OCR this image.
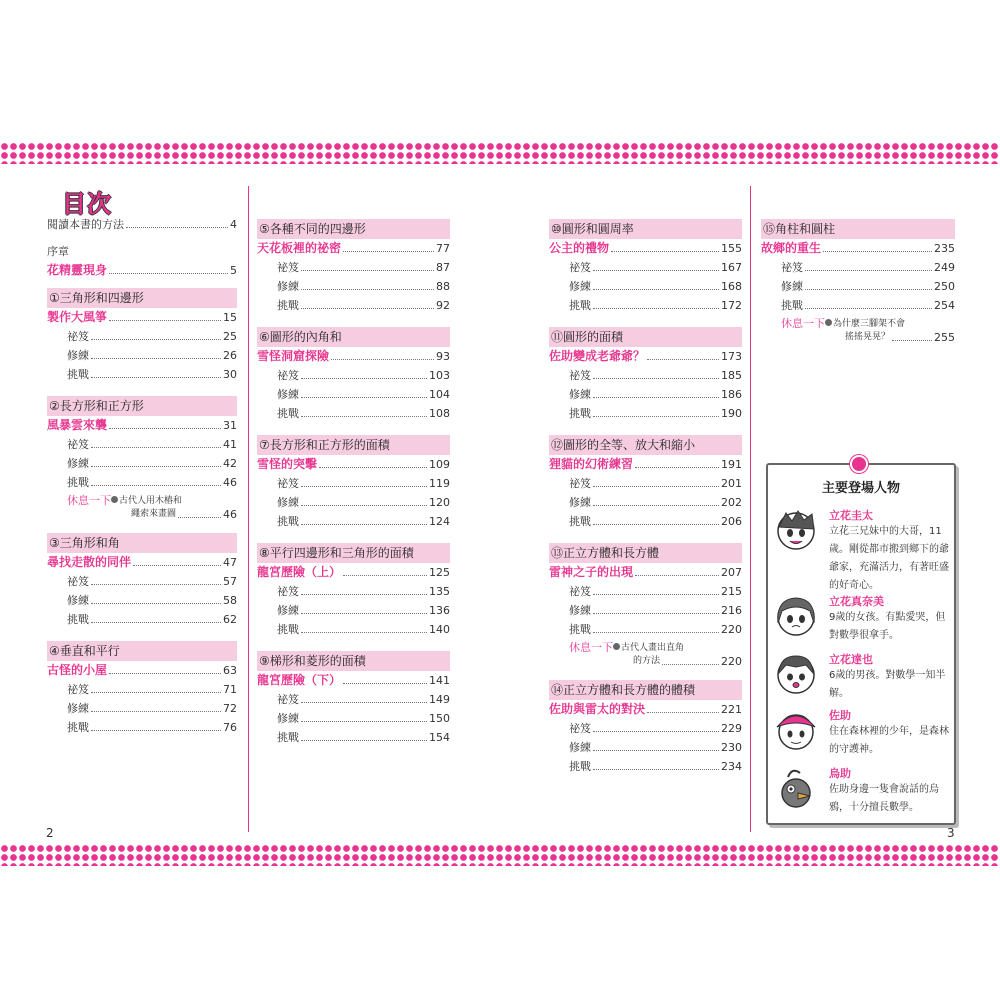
目次
閱讀本書的方法	4
序章
花精靈現身	5
①三角形和四邊形
製作大風箏	15
祕笈	25
修練	26
挑戰	30
②長方形和正方形
風暴雲來襲	31
祕笈	41
修練	42
挑戰	46
休息一下 古代人用木樁和
繩索來畫圖	46
③三角形和角
尋找走散的同伴	47
祕笈	57
修練	58
挑戰	62
④垂直和平行
古怪的小屋	63
祕笈	71
修練	72
挑戰	76
⑤各種不同的四邊形
天花板裡的祕密	77
祕笈	87
修練	88
挑戰	92
⑥圖形的內角和
雪怪洞窟探險	93
祕笈	103
修練	104
挑戰	108
⑦長方形和正方形的面積
雪怪的突擊	109
祕笈	119
修練	120
挑戰	124
⑧平行四邊形和三角形的面積
龍宮歷險（上）	125
祕笈	135
修練	136
挑戰	140
⑨梯形和菱形的面積
龍宮歷險（下）	141
祕笈	149
修練	150
挑戰	154
⑩圓形和圓周率
公主的禮物	155
祕笈	167
修練	168
挑戰	172
⑪圓形的面積
佐助變成老爺爺？	173
祕笈	185
修練	186
挑戰	190
⑫圖形的全等、放大和縮小
狸貓的幻術練習	191
祕笈	201
修練	202
挑戰	206
⑬正立方體和長方體
雷神之子的出現	207
祕笈	215
修練	216
挑戰	220
休息一下 古代人畫出直角
的方法	220
⑭正立方體和長方體的體積
佐助與雷太的對決	221
祕笈	229
修練	230
挑戰	234
⑮角柱和圓柱
故鄉的重生	235
祕笈	249
修練	250
挑戰	254
休息一下 為什麼三腳架不會
搖搖晃晃？	255
2	3
主要登場人物
立花圭太
立花三兄妹中的大哥，11歲。剛從都市搬到鄉下的爺爺家，充滿活力，有著旺盛的好奇心。
立花真奈美
9歲的女孩。有點愛哭，但對數學很拿手。
立花達也
6歲的男孩。對數學一知半解。
佐助
住在森林裡的少年，是森林的守護神。
烏助
佐助身邊一隻會說話的烏鴉，十分擅長數學。
